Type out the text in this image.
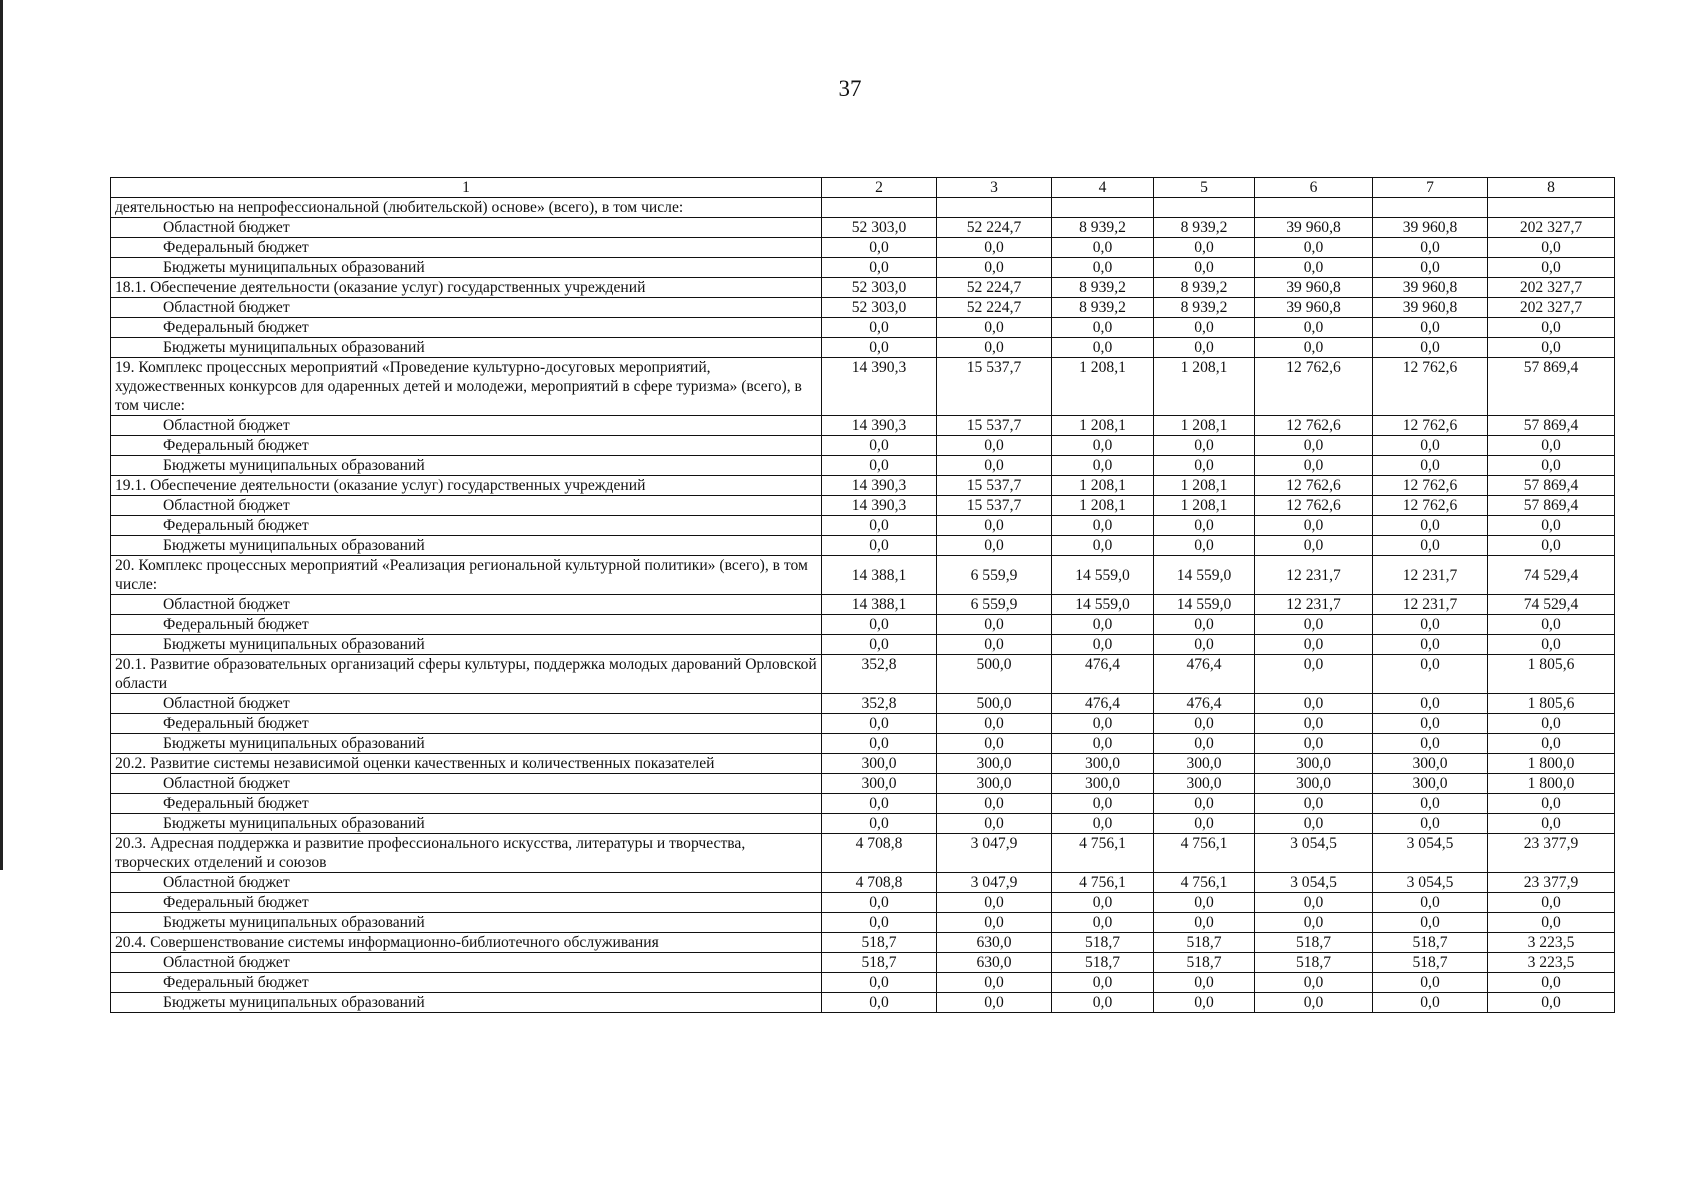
37
1	2	3	4	5	6	7	8
деятельностью на непрофессиональной (любительской) основе» (всего), в том числе:							
Областной бюджет	52 303,0	52 224,7	8 939,2	8 939,2	39 960,8	39 960,8	202 327,7
Федеральный бюджет	0,0	0,0	0,0	0,0	0,0	0,0	0,0
Бюджеты муниципальных образований	0,0	0,0	0,0	0,0	0,0	0,0	0,0
18.1. Обеспечение деятельности (оказание услуг) государственных учреждений	52 303,0	52 224,7	8 939,2	8 939,2	39 960,8	39 960,8	202 327,7
Областной бюджет	52 303,0	52 224,7	8 939,2	8 939,2	39 960,8	39 960,8	202 327,7
Федеральный бюджет	0,0	0,0	0,0	0,0	0,0	0,0	0,0
Бюджеты муниципальных образований	0,0	0,0	0,0	0,0	0,0	0,0	0,0
19. Комплекс процессных мероприятий «Проведение культурно-досуговых мероприятий, художественных конкурсов для одаренных детей и молодежи, мероприятий в сфере туризма» (всего), в том числе:	14 390,3	15 537,7	1 208,1	1 208,1	12 762,6	12 762,6	57 869,4
Областной бюджет	14 390,3	15 537,7	1 208,1	1 208,1	12 762,6	12 762,6	57 869,4
Федеральный бюджет	0,0	0,0	0,0	0,0	0,0	0,0	0,0
Бюджеты муниципальных образований	0,0	0,0	0,0	0,0	0,0	0,0	0,0
19.1. Обеспечение деятельности (оказание услуг) государственных учреждений	14 390,3	15 537,7	1 208,1	1 208,1	12 762,6	12 762,6	57 869,4
Областной бюджет	14 390,3	15 537,7	1 208,1	1 208,1	12 762,6	12 762,6	57 869,4
Федеральный бюджет	0,0	0,0	0,0	0,0	0,0	0,0	0,0
Бюджеты муниципальных образований	0,0	0,0	0,0	0,0	0,0	0,0	0,0
20. Комплекс процессных мероприятий «Реализация региональной культурной политики» (всего), в том числе:	14 388,1	6 559,9	14 559,0	14 559,0	12 231,7	12 231,7	74 529,4
Областной бюджет	14 388,1	6 559,9	14 559,0	14 559,0	12 231,7	12 231,7	74 529,4
Федеральный бюджет	0,0	0,0	0,0	0,0	0,0	0,0	0,0
Бюджеты муниципальных образований	0,0	0,0	0,0	0,0	0,0	0,0	0,0
20.1. Развитие образовательных организаций сферы культуры, поддержка молодых дарований Орловской области	352,8	500,0	476,4	476,4	0,0	0,0	1 805,6
Областной бюджет	352,8	500,0	476,4	476,4	0,0	0,0	1 805,6
Федеральный бюджет	0,0	0,0	0,0	0,0	0,0	0,0	0,0
Бюджеты муниципальных образований	0,0	0,0	0,0	0,0	0,0	0,0	0,0
20.2. Развитие системы независимой оценки качественных и количественных показателей	300,0	300,0	300,0	300,0	300,0	300,0	1 800,0
Областной бюджет	300,0	300,0	300,0	300,0	300,0	300,0	1 800,0
Федеральный бюджет	0,0	0,0	0,0	0,0	0,0	0,0	0,0
Бюджеты муниципальных образований	0,0	0,0	0,0	0,0	0,0	0,0	0,0
20.3. Адресная поддержка и развитие профессионального искусства, литературы и творчества, творческих отделений и союзов	4 708,8	3 047,9	4 756,1	4 756,1	3 054,5	3 054,5	23 377,9
Областной бюджет	4 708,8	3 047,9	4 756,1	4 756,1	3 054,5	3 054,5	23 377,9
Федеральный бюджет	0,0	0,0	0,0	0,0	0,0	0,0	0,0
Бюджеты муниципальных образований	0,0	0,0	0,0	0,0	0,0	0,0	0,0
20.4. Совершенствование системы информационно-библиотечного обслуживания	518,7	630,0	518,7	518,7	518,7	518,7	3 223,5
Областной бюджет	518,7	630,0	518,7	518,7	518,7	518,7	3 223,5
Федеральный бюджет	0,0	0,0	0,0	0,0	0,0	0,0	0,0
Бюджеты муниципальных образований	0,0	0,0	0,0	0,0	0,0	0,0	0,0
